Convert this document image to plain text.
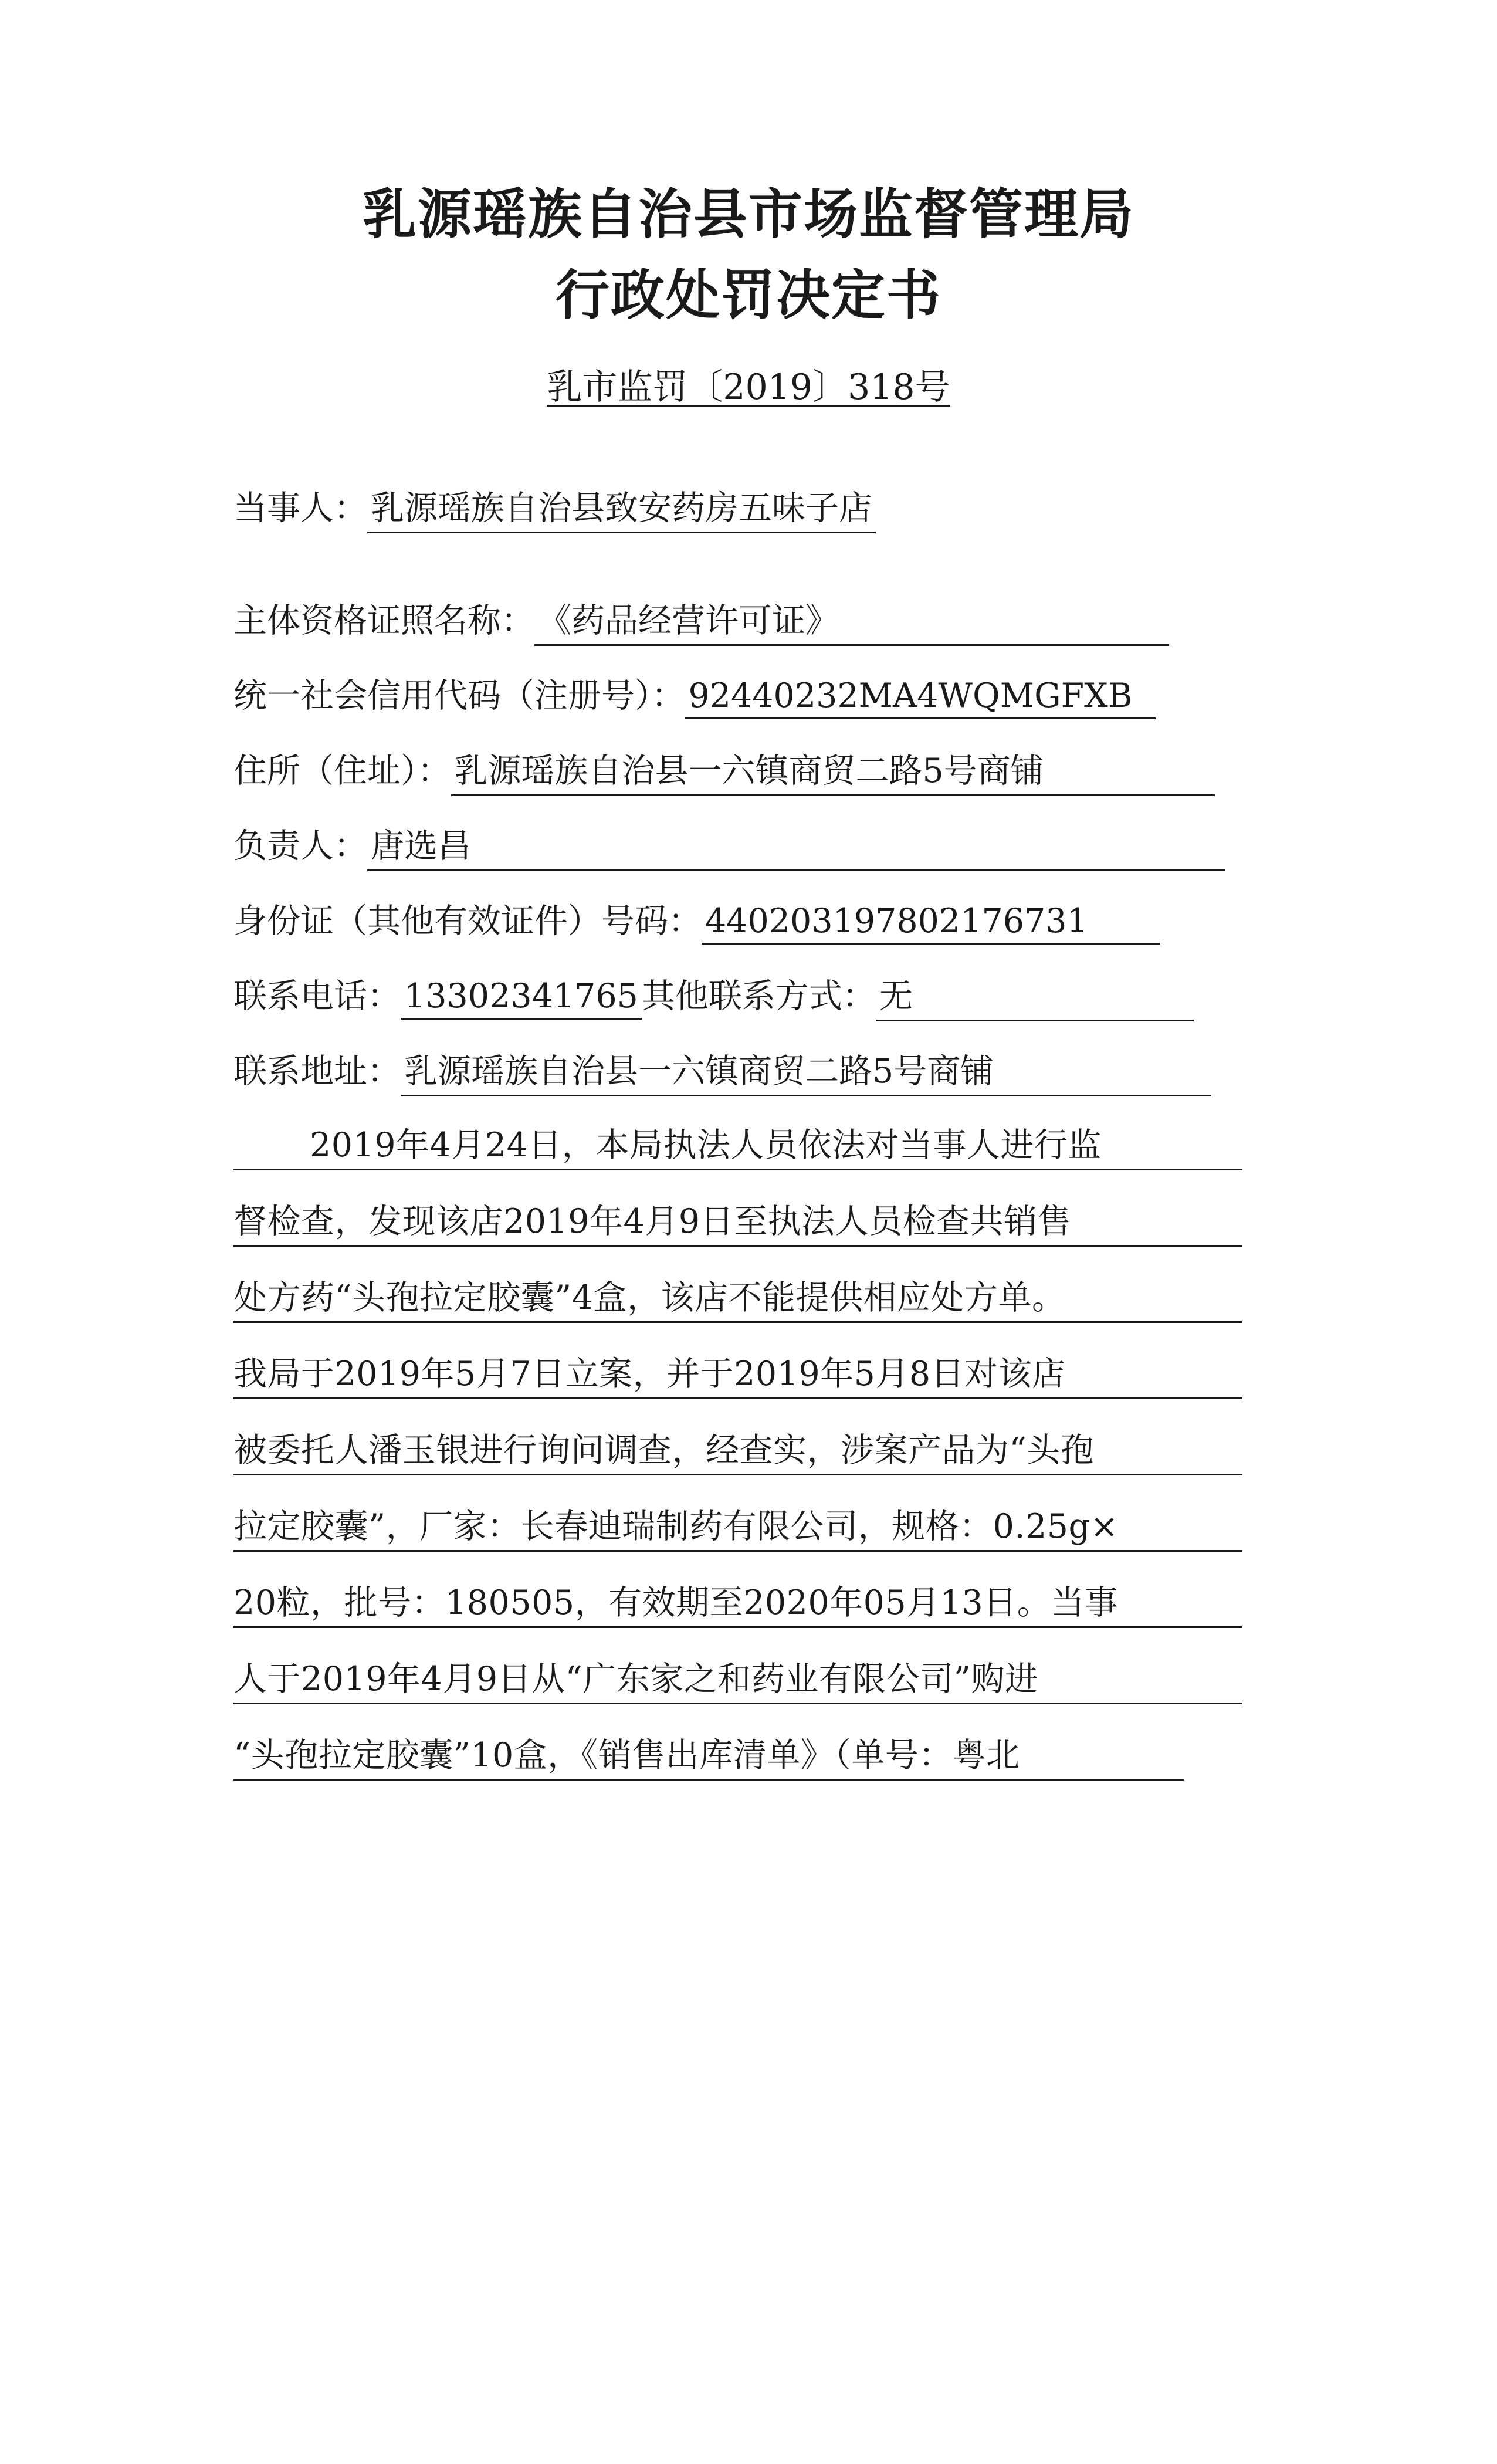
乳源瑶族自治县市场监督管理局
行政处罚决定书
乳市监罚〔2019〕318号
当事人： 乳源瑶族自治县致安药房五味子店
主体资格证照名称： 《药品经营许可证》
统一社会信用代码（注册号）： 92440232MA4WQMGFXB
住所（住址）： 乳源瑶族自治县一六镇商贸二路5号商铺
负责人： 唐选昌
身份证（其他有效证件）号码： 440203197802176731
联系电话： 13302341765 其他联系方式： 无
联系地址： 乳源瑶族自治县一六镇商贸二路5号商铺
2019年4月24日，本局执法人员依法对当事人进行监
督检查，发现该店2019年4月9日至执法人员检查共销售
处方药“头孢拉定胶囊”4盒，该店不能提供相应处方单。
我局于2019年5月7日立案，并于2019年5月8日对该店
被委托人潘玉银进行询问调查，经查实，涉案产品为“头孢
拉定胶囊”，厂家：长春迪瑞制药有限公司，规格：0.25g×
20粒，批号：180505，有效期至2020年05月13日。当事
人于2019年4月9日从“广东家之和药业有限公司”购进
“头孢拉定胶囊”10盒，《销售出库清单》（单号：粤北
